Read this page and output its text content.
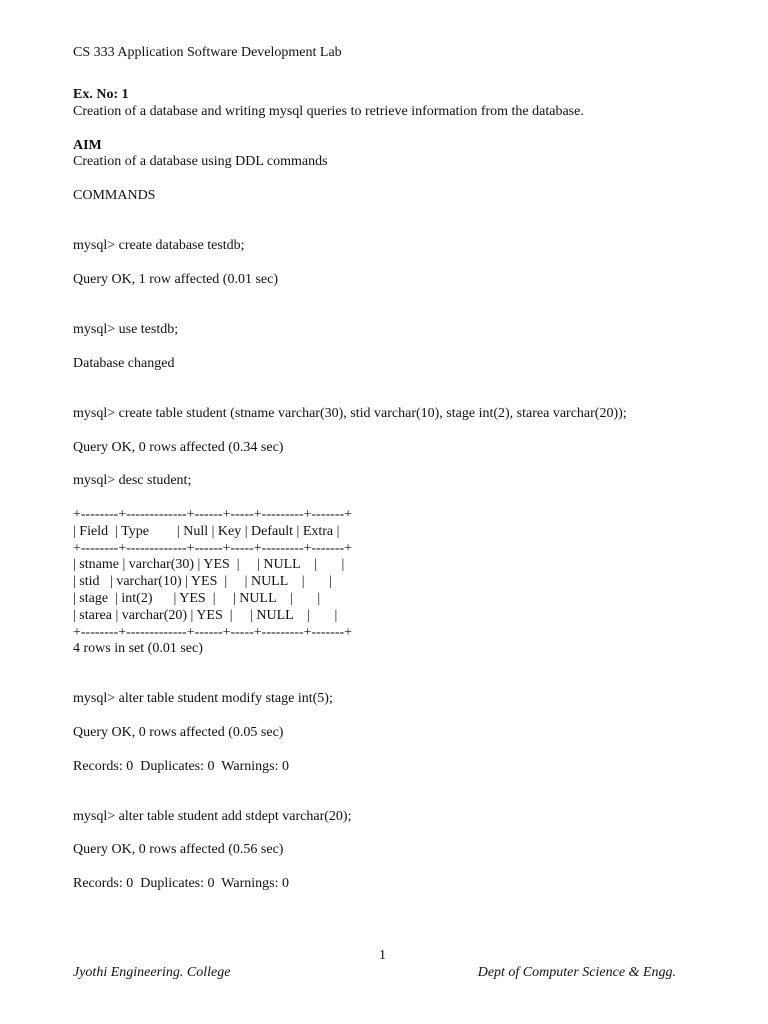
CS 333 Application Software Development Lab
Ex. No: 1
Creation of a database and writing mysql queries to retrieve information from the database.
AIM
Creation of a database using DDL commands
COMMANDS
mysql> create database testdb;
Query OK, 1 row affected (0.01 sec)
mysql> use testdb;
Database changed
mysql> create table student (stname varchar(30), stid varchar(10), stage int(2), starea varchar(20));
Query OK, 0 rows affected (0.34 sec)
mysql> desc student;
+--------+-------------+------+-----+---------+-------+
| Field  | Type        | Null | Key | Default | Extra |
+--------+-------------+------+-----+---------+-------+
| stname | varchar(30) | YES  |     | NULL    |       |
| stid   | varchar(10) | YES  |     | NULL    |       |
| stage  | int(2)      | YES  |     | NULL    |       |
| starea | varchar(20) | YES  |     | NULL    |       |
+--------+-------------+------+-----+---------+-------+
4 rows in set (0.01 sec)
mysql> alter table student modify stage int(5);
Query OK, 0 rows affected (0.05 sec)
Records: 0  Duplicates: 0  Warnings: 0
mysql> alter table student add stdept varchar(20);
Query OK, 0 rows affected (0.56 sec)
Records: 0  Duplicates: 0  Warnings: 0
1
Jyothi Engineering. College	Dept of Computer Science & Engg.
